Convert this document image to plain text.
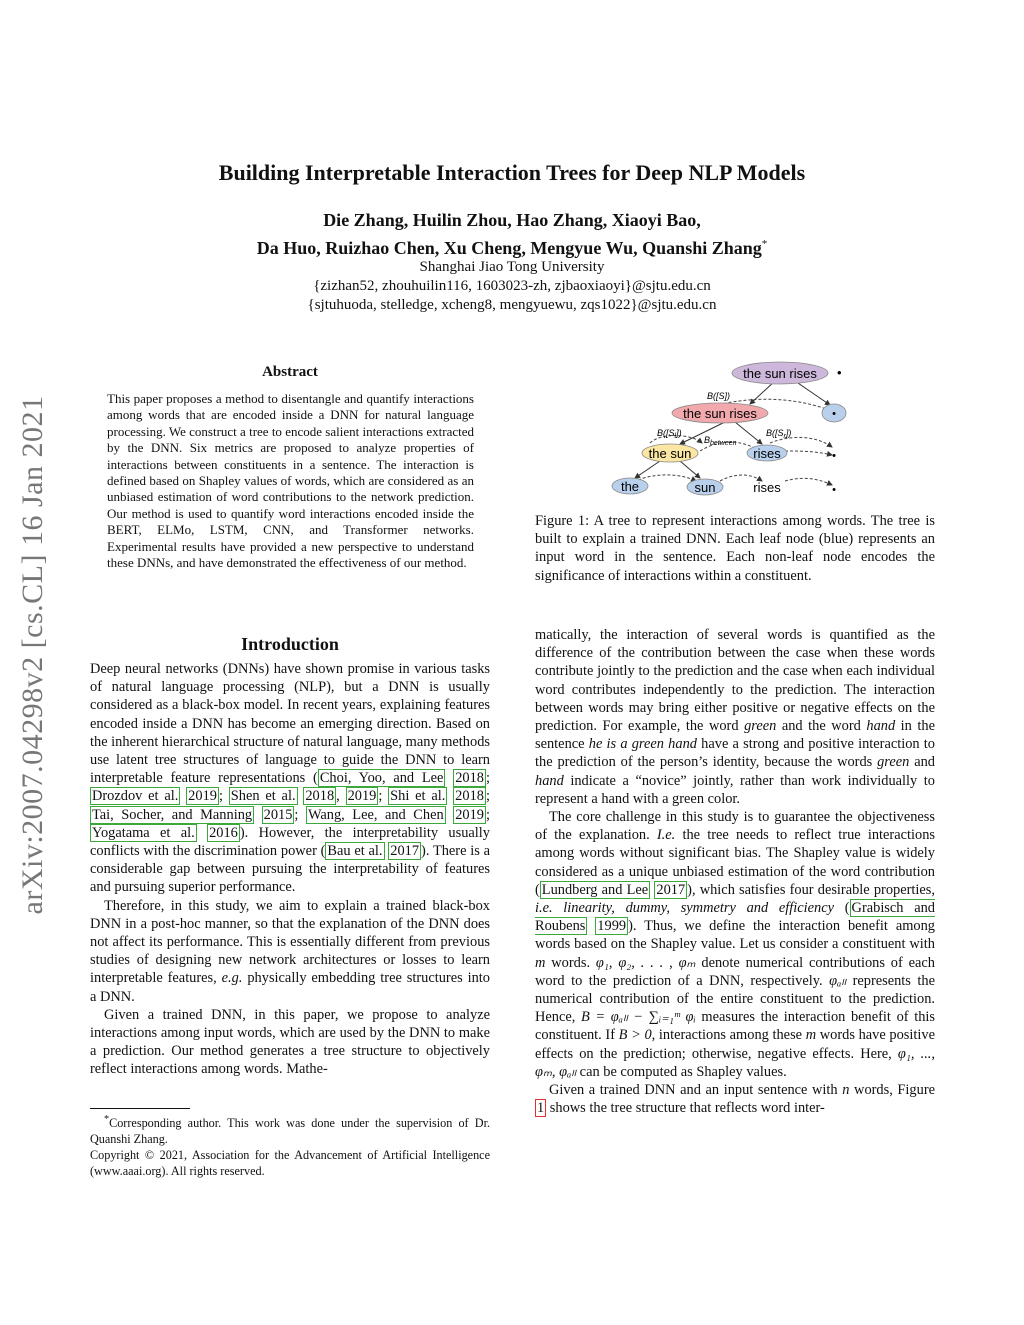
Building Interpretable Interaction Trees for Deep NLP Models
Die Zhang, Huilin Zhou, Hao Zhang, Xiaoyi Bao,
Da Huo, Ruizhao Chen, Xu Cheng, Mengyue Wu, Quanshi Zhang*
Shanghai Jiao Tong University
{zizhan52, zhouhuilin116, 1603023-zh, zjbaoxiaoyi}@sjtu.edu.cn
{sjtuhuoda, stelledge, xcheng8, mengyuewu, zqs1022}@sjtu.edu.cn
arXiv:2007.04298v2 [cs.CL] 16 Jan 2021
Abstract
This paper proposes a method to disentangle and quantify interactions among words that are encoded inside a DNN for natural language processing. We construct a tree to encode salient interactions extracted by the DNN. Six metrics are proposed to analyze properties of interactions between constituents in a sentence. The interaction is defined based on Shapley values of words, which are considered as an unbiased estimation of word contributions to the network prediction. Our method is used to quantify word interactions encoded inside the BERT, ELMo, LSTM, CNN, and Transformer networks. Experimental results have provided a new perspective to understand these DNNs, and have demonstrated the effectiveness of our method.
Introduction

Deep neural networks (DNNs) have shown promise in various tasks of natural language processing (NLP), but a DNN is usually considered as a black-box model. In recent years, explaining features encoded inside a DNN has become an emerging direction. Based on the inherent hierarchical structure of natural language, many methods use latent tree structures of language to guide the DNN to learn interpretable feature representations ( Choi, Yoo, and Lee 2018 ; Drozdov et al. 2019 ; Shen et al. 2018 , 2019 ; Shi et al. 2018 ; Tai, Socher, and Manning 2015 ; Wang, Lee, and Chen 2019 ; Yogatama et al. 2016 ). However, the interpretability usually conflicts with the discrimination power ( Bau et al. 2017 ). There is a considerable gap between pursuing the interpretability of features and pursuing superior performance.

Therefore, in this study, we aim to explain a trained black-box DNN in a post-hoc manner, so that the explanation of the DNN does not affect its performance. This is essentially different from previous studies of designing new network architectures or losses to learn interpretable features, e.g. physically embedding tree structures into a DNN.

Given a trained DNN, in this paper, we propose to analyze interactions among input words, which are used by the DNN to make a prediction. Our method generates a tree structure to objectively reflect interactions among words. Mathe-

*Corresponding author. This work was done under the supervision of Dr. Quanshi Zhang.

Copyright © 2021, Association for the Advancement of Artificial Intelligence (www.aaai.org). All rights reserved.

the sun rises •
the sun rises	•
the sun	rises	•
the	sun	rises	•
B([S])
$B([S_l])$
$B_{between}$
$B([S_r])$
Figure 1: A tree to represent interactions among words. The tree is built to explain a trained DNN. Each leaf node (blue) represents an input word in the sentence. Each non-leaf node encodes the significance of interactions within a constituent.

matically, the interaction of several words is quantified as the difference of the contribution between the case when these words contribute jointly to the prediction and the case when each individual word contributes independently to the prediction. The interaction between words may bring either positive or negative effects on the prediction. For example, the word green and the word hand in the sentence he is a green hand have a strong and positive interaction to the prediction of the person’s identity, because the words green and hand indicate a “novice” jointly, rather than work individually to represent a hand with a green color.

The core challenge in this study is to guarantee the objectiveness of the explanation. I.e. the tree needs to reflect true interactions among words without significant bias. The Shapley value is widely considered as a unique unbiased estimation of the word contribution ( Lundberg and Lee 2017 ), which satisfies four desirable properties, i.e. linearity, dummy, symmetry and efficiency ( Grabisch and Roubens 1999 ). Thus, we define the interaction benefit among words based on the Shapley value. Let us consider a constituent with m words. φ₁, φ₂, . . . , φₘ denote numerical contributions of each word to the prediction of a DNN, respectively. φₐₗₗ represents the numerical contribution of the entire constituent to the prediction. Hence, B = φₐₗₗ − ∑ᵢ₌₁ᵐ φᵢ measures the interaction benefit of this constituent. If B > 0, interactions among these m words have positive effects on the prediction; otherwise, negative effects. Here, φ₁, ..., φₘ, φₐₗₗ can be computed as Shapley values.

Given a trained DNN and an input sentence with n words, Figure 1 shows the tree structure that reflects word inter-
